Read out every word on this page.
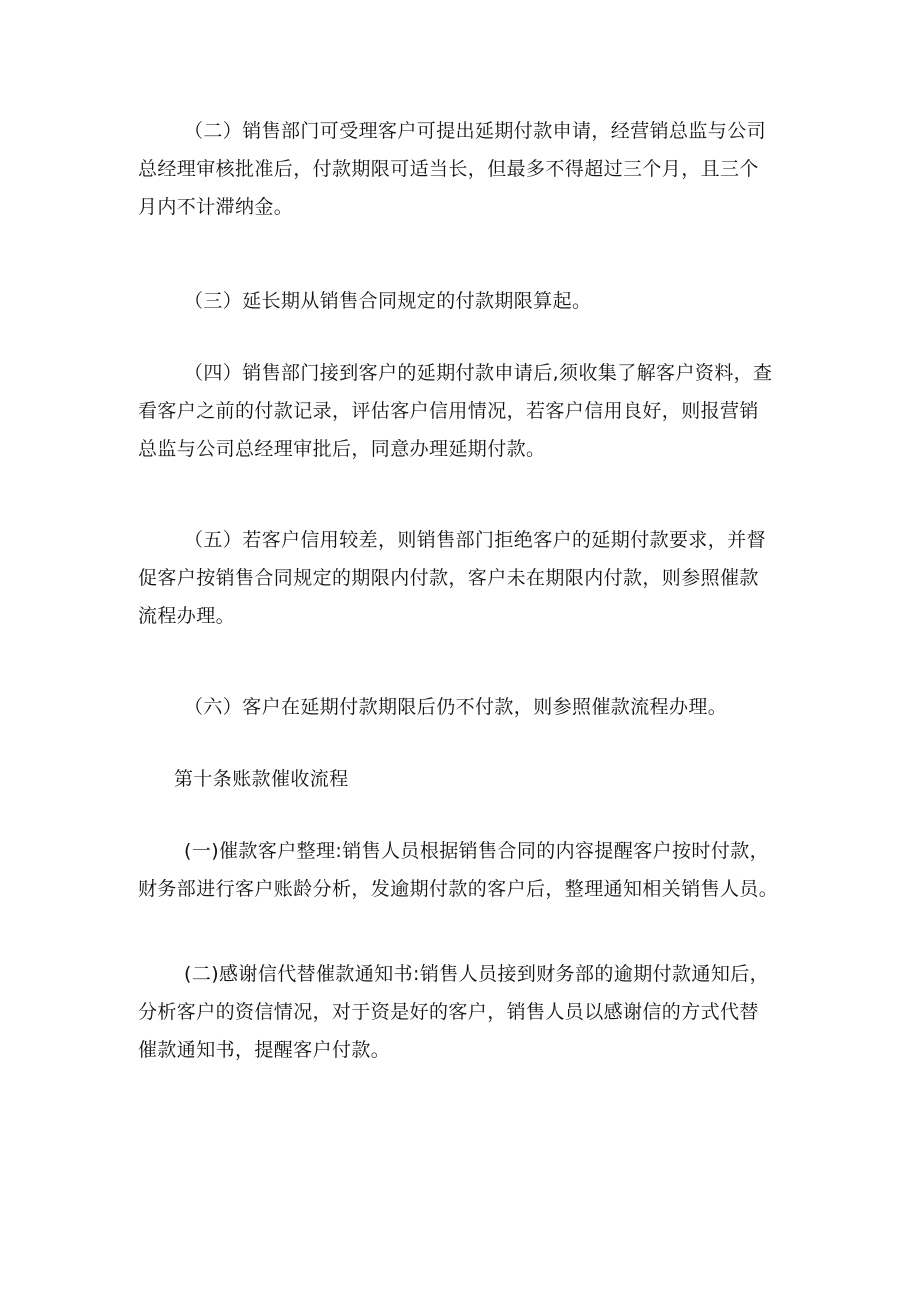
（二）销售部门可受理客户可提出延期付款申请，经营销总监与公司
总经理审核批准后，付款期限可适当长，但最多不得超过三个月，且三个
月内不计滞纳金。

（三）延长期从销售合同规定的付款期限算起。

（四）销售部门接到客户的延期付款申请后,须收集了解客户资料，查
看客户之前的付款记录，评估客户信用情况，若客户信用良好，则报营销
总监与公司总经理审批后，同意办理延期付款。

（五）若客户信用较差，则销售部门拒绝客户的延期付款要求，并督
促客户按销售合同规定的期限内付款，客户未在期限内付款，则参照催款
流程办理。

（六）客户在延期付款期限后仍不付款，则参照催款流程办理。

第十条账款催收流程

(一)催款客户整理:销售人员根据销售合同的内容提醒客户按时付款，
财务部进行客户账龄分析，发逾期付款的客户后，整理通知相关销售人员。

(二)感谢信代替催款通知书:销售人员接到财务部的逾期付款通知后，
分析客户的资信情况，对于资是好的客户，销售人员以感谢信的方式代替
催款通知书，提醒客户付款。
